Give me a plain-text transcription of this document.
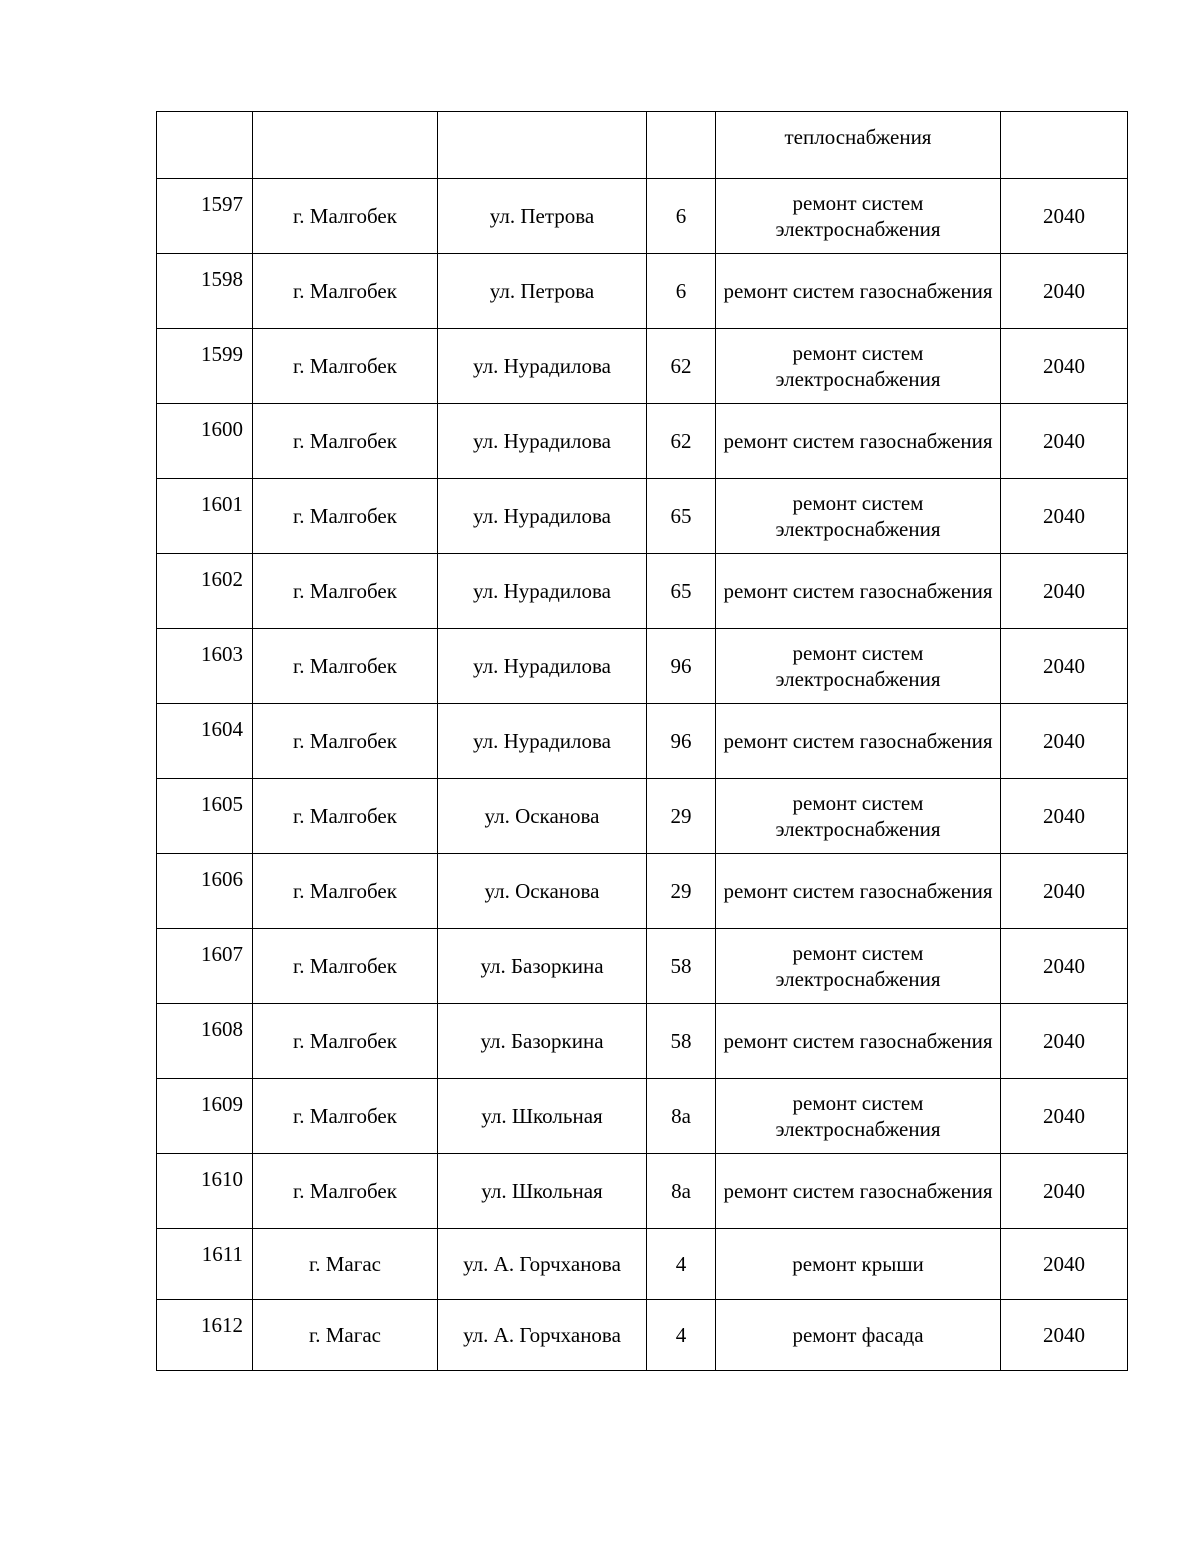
				теплоснабжения	
1597	г. Малгобек	ул. Петрова	6	ремонт систем электроснабжения	2040
1598	г. Малгобек	ул. Петрова	6	ремонт систем газоснабжения	2040
1599	г. Малгобек	ул. Нурадилова	62	ремонт систем электроснабжения	2040
1600	г. Малгобек	ул. Нурадилова	62	ремонт систем газоснабжения	2040
1601	г. Малгобек	ул. Нурадилова	65	ремонт систем электроснабжения	2040
1602	г. Малгобек	ул. Нурадилова	65	ремонт систем газоснабжения	2040
1603	г. Малгобек	ул. Нурадилова	96	ремонт систем электроснабжения	2040
1604	г. Малгобек	ул. Нурадилова	96	ремонт систем газоснабжения	2040
1605	г. Малгобек	ул. Осканова	29	ремонт систем электроснабжения	2040
1606	г. Малгобек	ул. Осканова	29	ремонт систем газоснабжения	2040
1607	г. Малгобек	ул. Базоркина	58	ремонт систем электроснабжения	2040
1608	г. Малгобек	ул. Базоркина	58	ремонт систем газоснабжения	2040
1609	г. Малгобек	ул. Школьная	8а	ремонт систем электроснабжения	2040
1610	г. Малгобек	ул. Школьная	8а	ремонт систем газоснабжения	2040
1611	г. Магас	ул. А. Горчханова	4	ремонт крыши	2040
1612	г. Магас	ул. А. Горчханова	4	ремонт фасада	2040
